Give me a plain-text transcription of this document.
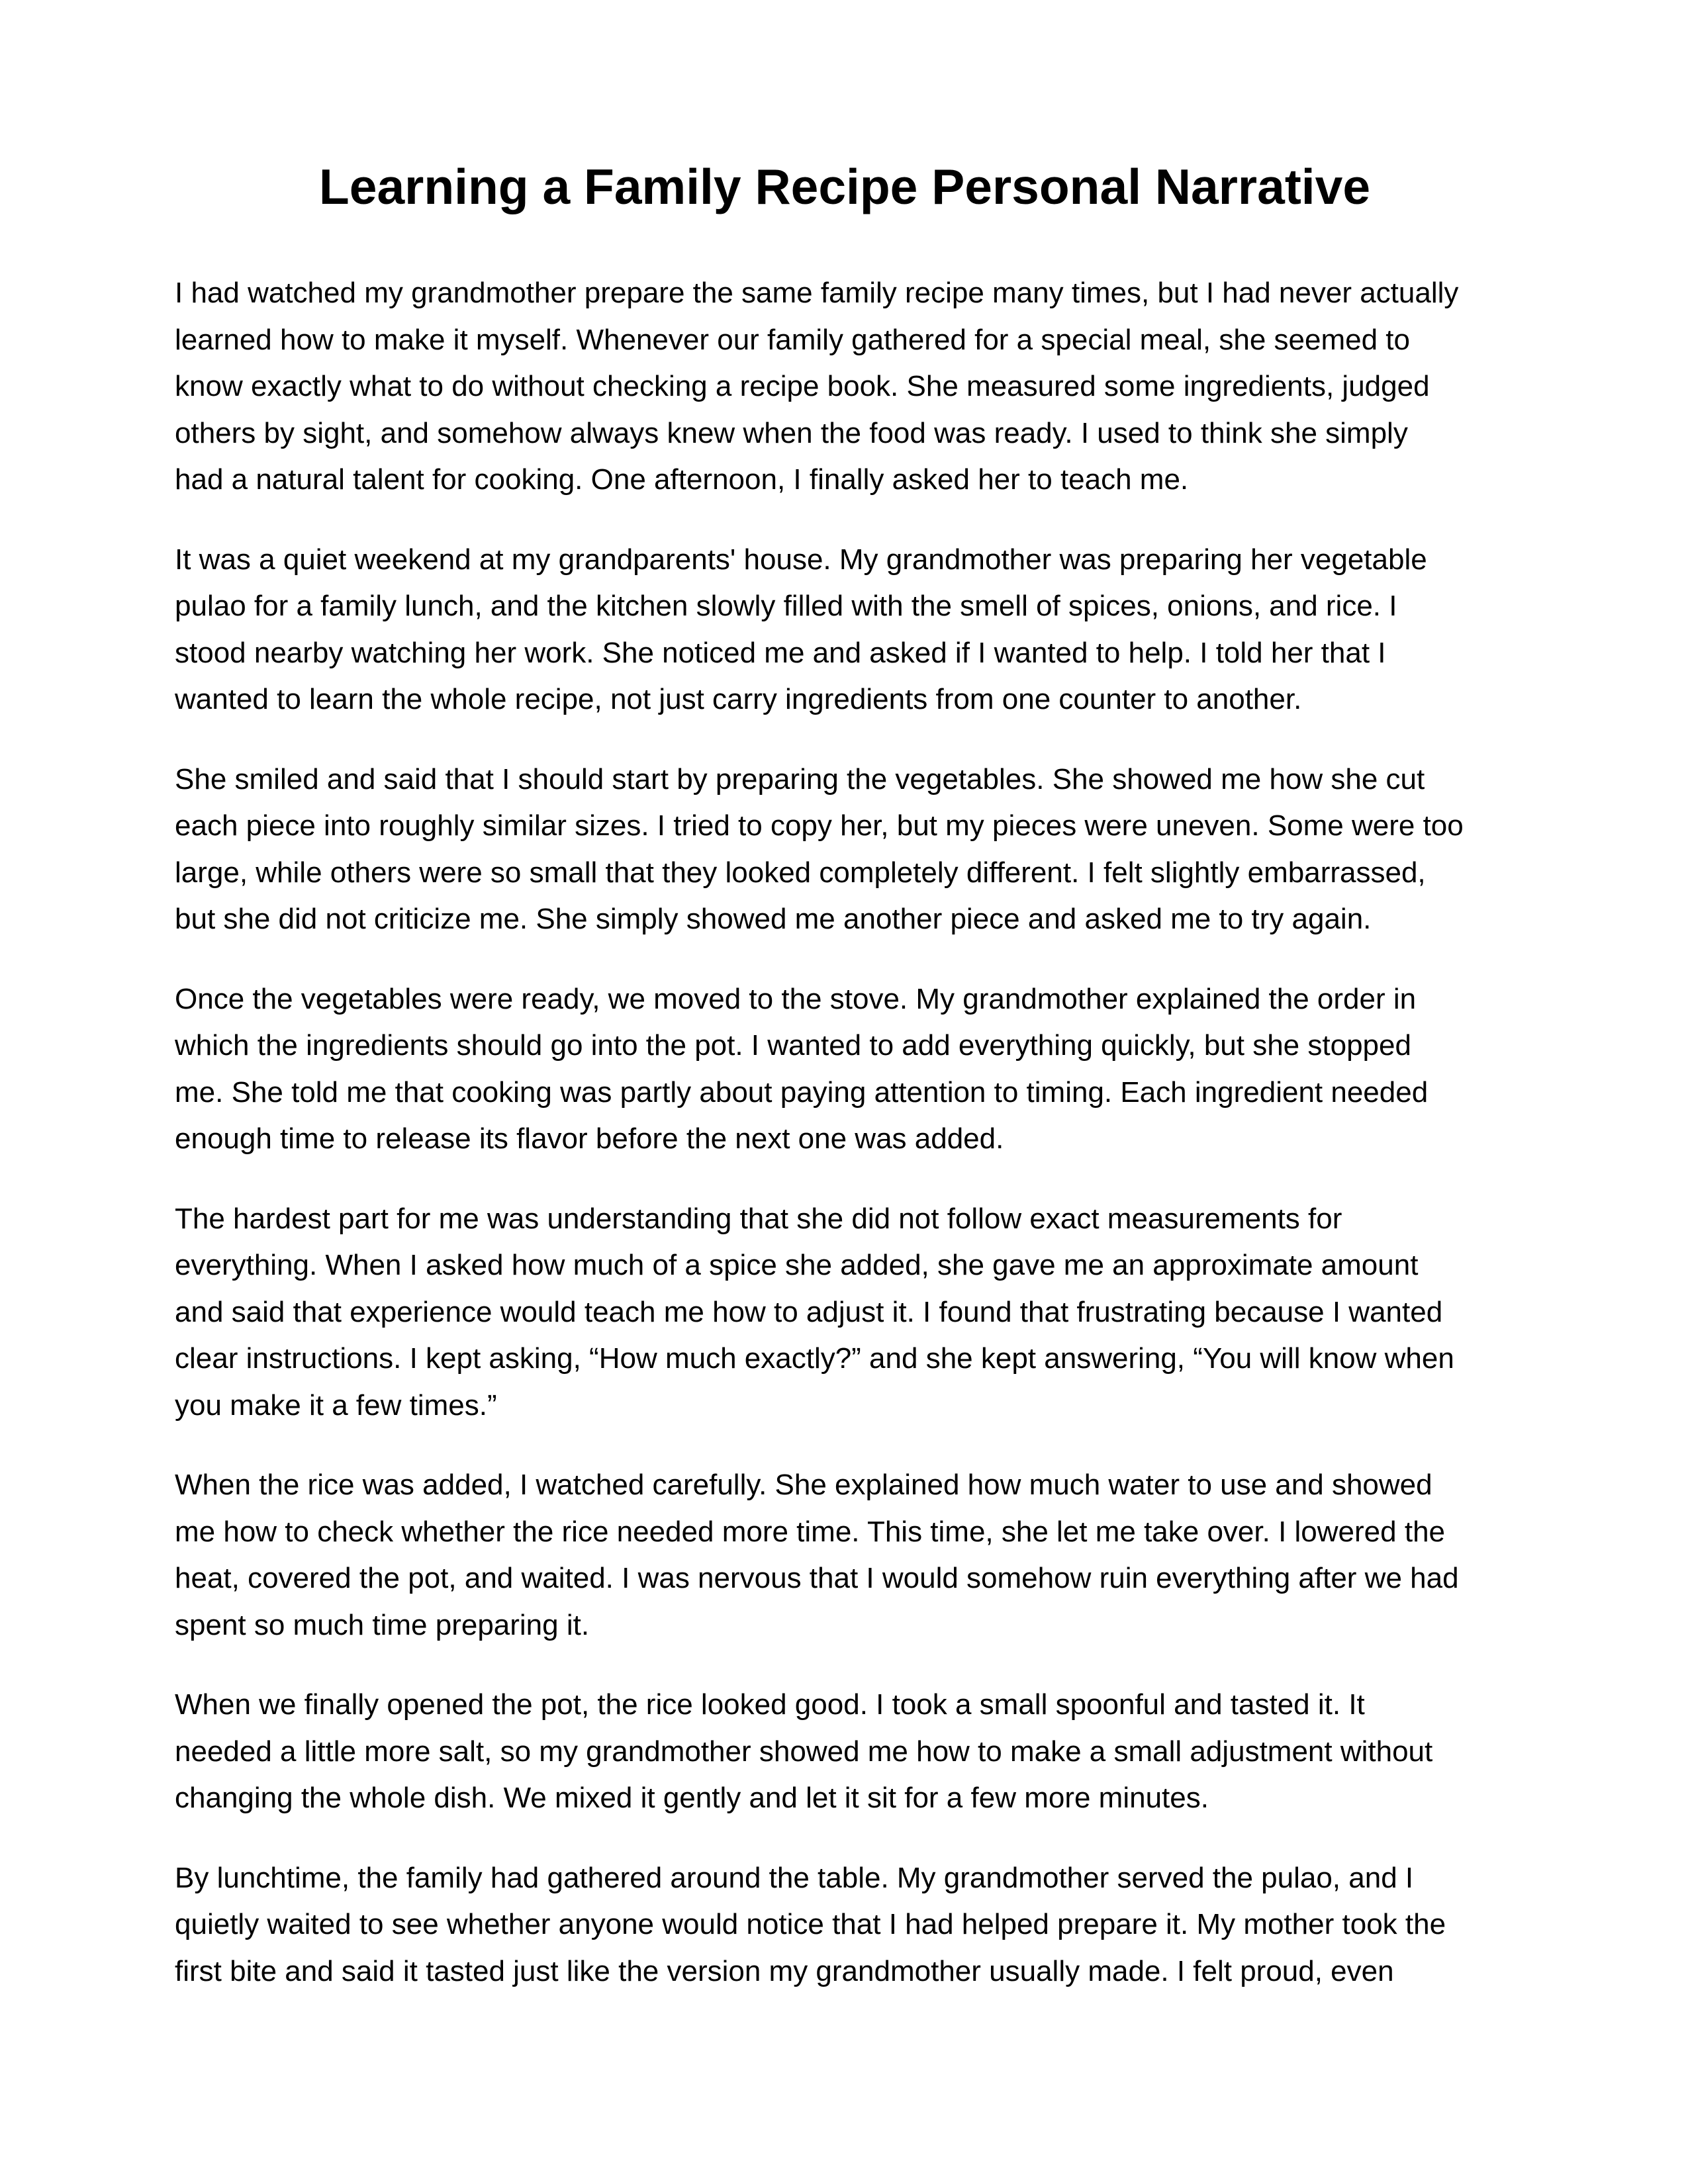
Learning a Family Recipe Personal Narrative

I had watched my grandmother prepare the same family recipe many times, but I had never actually
learned how to make it myself. Whenever our family gathered for a special meal, she seemed to
know exactly what to do without checking a recipe book. She measured some ingredients, judged
others by sight, and somehow always knew when the food was ready. I used to think she simply
had a natural talent for cooking. One afternoon, I finally asked her to teach me.

It was a quiet weekend at my grandparents' house. My grandmother was preparing her vegetable
pulao for a family lunch, and the kitchen slowly filled with the smell of spices, onions, and rice. I
stood nearby watching her work. She noticed me and asked if I wanted to help. I told her that I
wanted to learn the whole recipe, not just carry ingredients from one counter to another.

She smiled and said that I should start by preparing the vegetables. She showed me how she cut
each piece into roughly similar sizes. I tried to copy her, but my pieces were uneven. Some were too
large, while others were so small that they looked completely different. I felt slightly embarrassed,
but she did not criticize me. She simply showed me another piece and asked me to try again.

Once the vegetables were ready, we moved to the stove. My grandmother explained the order in
which the ingredients should go into the pot. I wanted to add everything quickly, but she stopped
me. She told me that cooking was partly about paying attention to timing. Each ingredient needed
enough time to release its flavor before the next one was added.

The hardest part for me was understanding that she did not follow exact measurements for
everything. When I asked how much of a spice she added, she gave me an approximate amount
and said that experience would teach me how to adjust it. I found that frustrating because I wanted
clear instructions. I kept asking, “How much exactly?” and she kept answering, “You will know when
you make it a few times.”

When the rice was added, I watched carefully. She explained how much water to use and showed
me how to check whether the rice needed more time. This time, she let me take over. I lowered the
heat, covered the pot, and waited. I was nervous that I would somehow ruin everything after we had
spent so much time preparing it.

When we finally opened the pot, the rice looked good. I took a small spoonful and tasted it. It
needed a little more salt, so my grandmother showed me how to make a small adjustment without
changing the whole dish. We mixed it gently and let it sit for a few more minutes.

By lunchtime, the family had gathered around the table. My grandmother served the pulao, and I
quietly waited to see whether anyone would notice that I had helped prepare it. My mother took the
first bite and said it tasted just like the version my grandmother usually made. I felt proud, even
